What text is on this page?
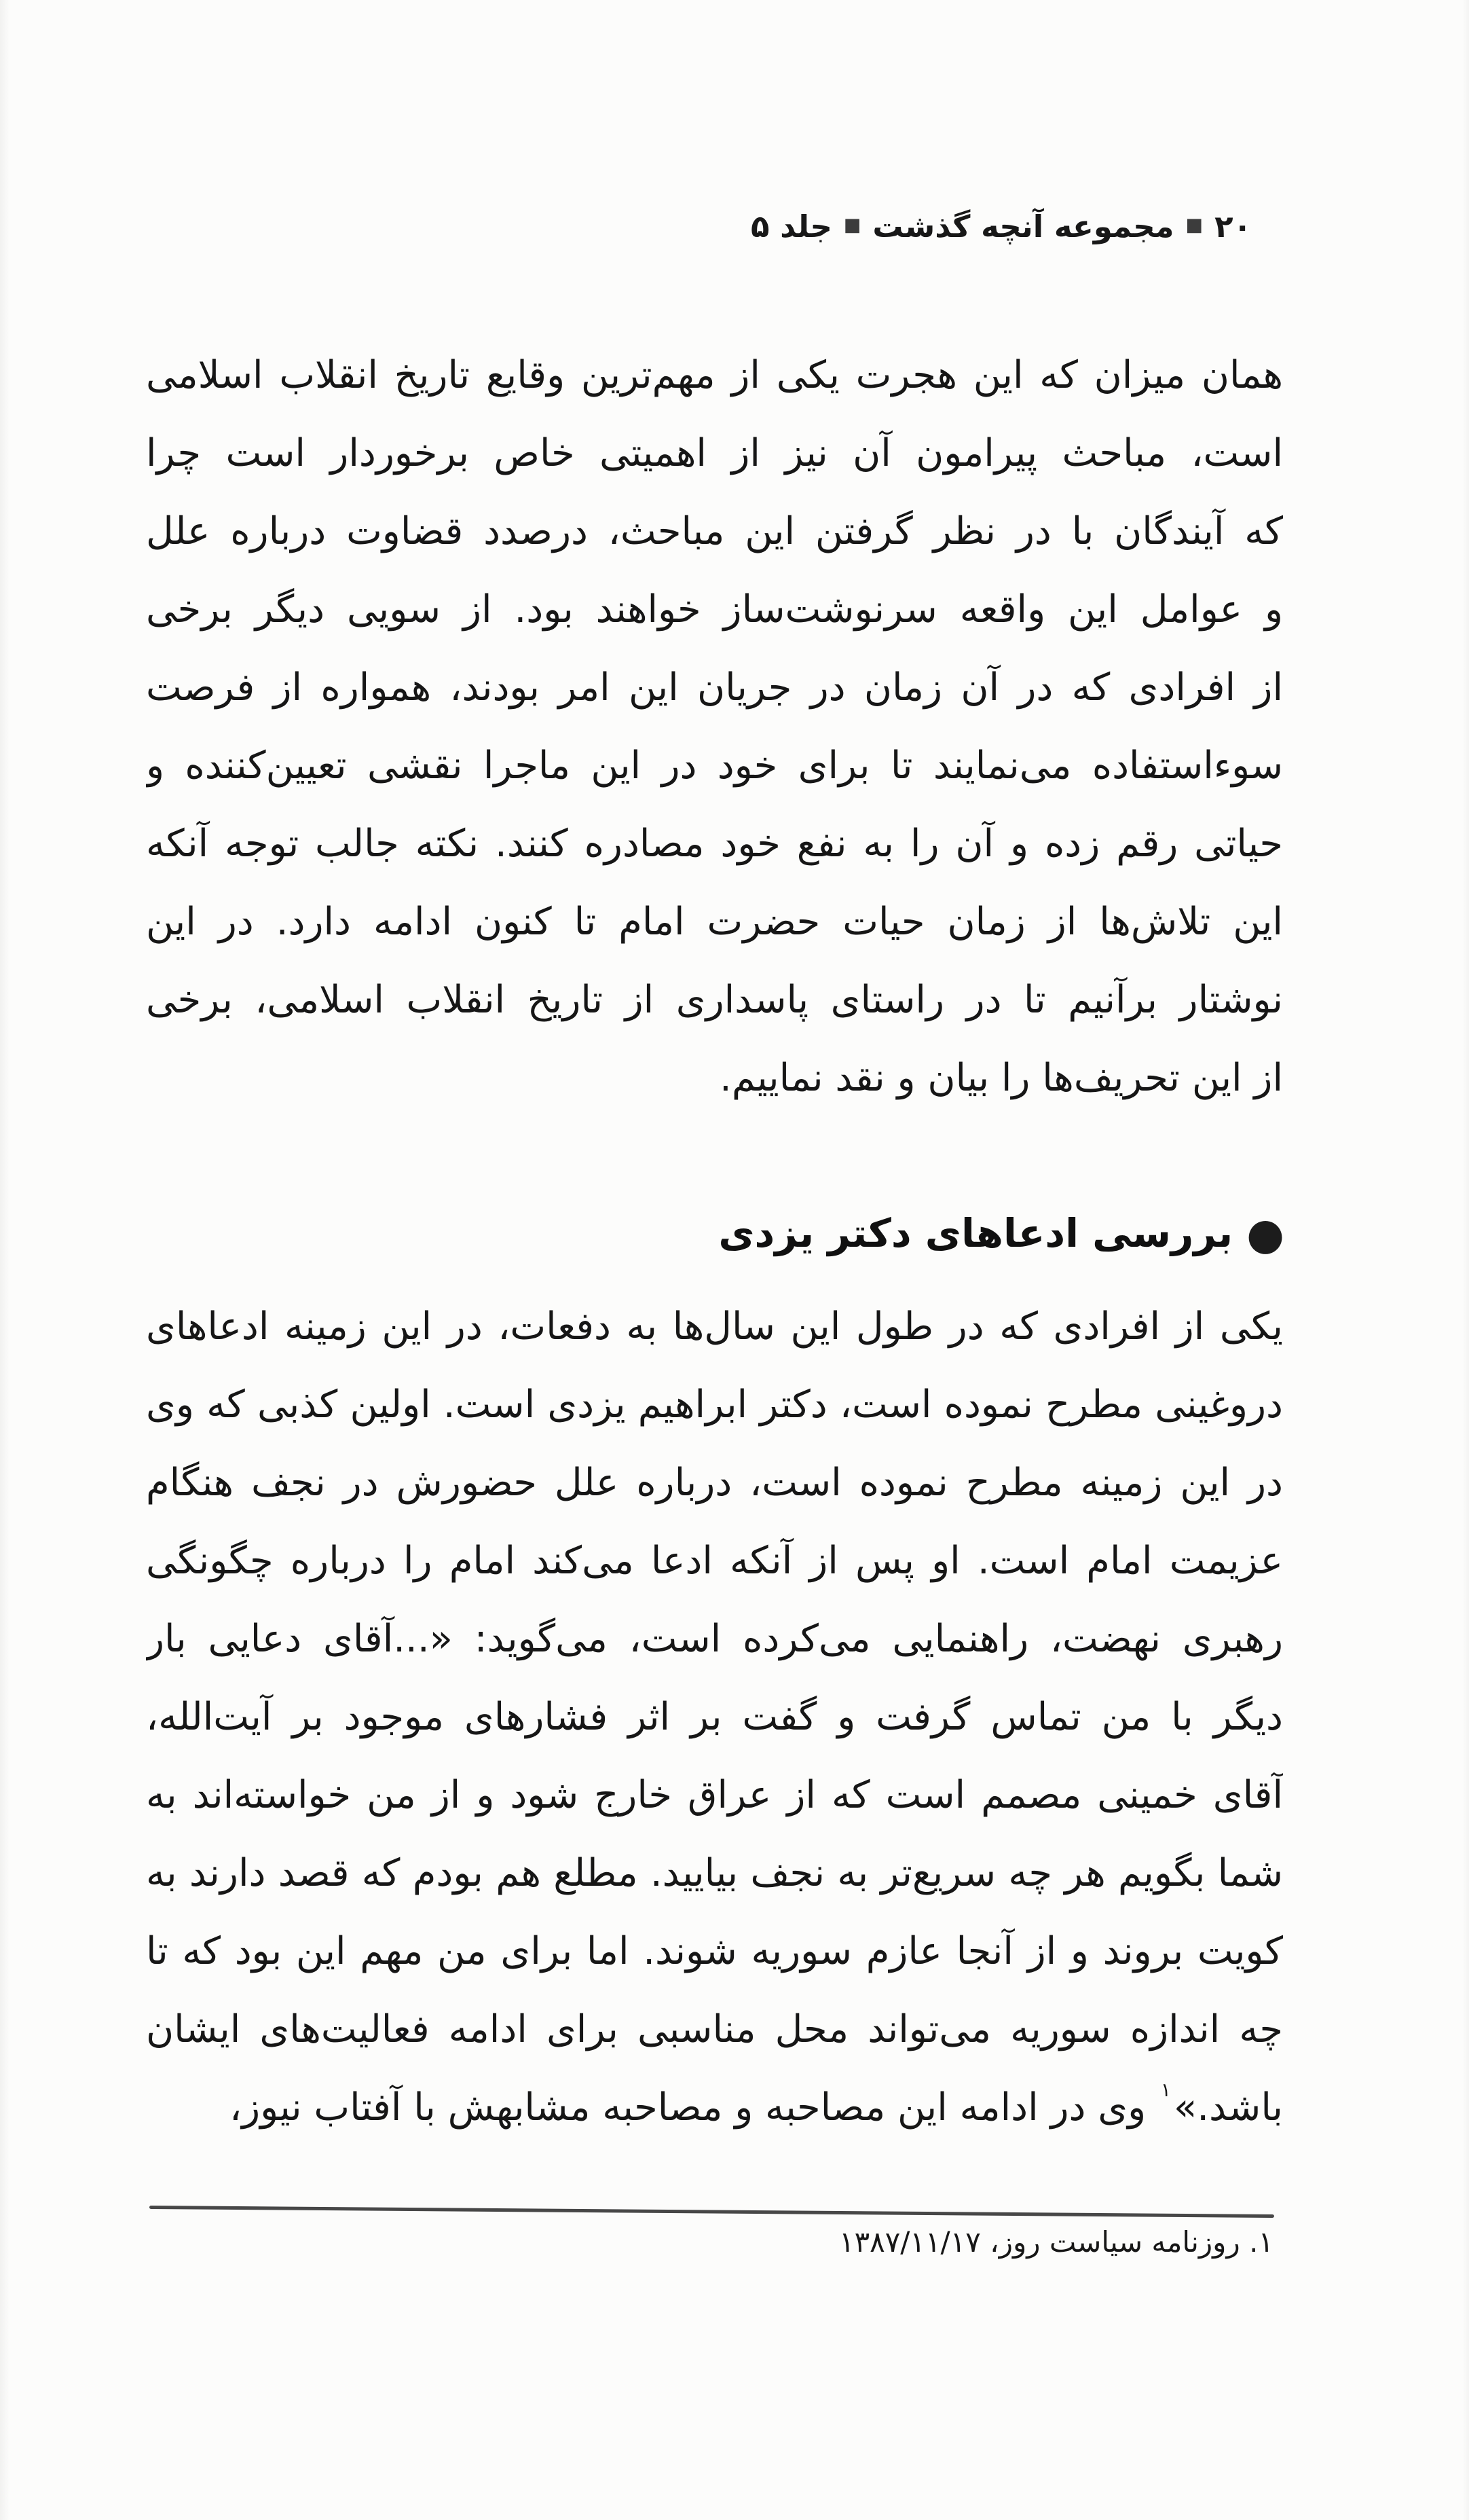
۲۰■مجموعه آنچه گذشت■جلد ۵
همان میزان که این هجرت یکی از مهم‌ترین وقایع تاریخ انقلاب اسلامی
است، مباحث پیرامون آن نیز از اهمیتی خاص برخوردار است چرا
که آیندگان با در نظر گرفتن این مباحث، درصدد قضاوت درباره علل
و عوامل این واقعه سرنوشت‌ساز خواهند بود. از سویی دیگر برخی
از افرادی که در آن زمان در جریان این امر بودند، همواره از فرصت
سوءاستفاده می‌نمایند تا برای خود در این ماجرا نقشی تعیین‌کننده و
حیاتی رقم زده و آن را به نفع خود مصادره کنند. نکته جالب توجه آنکه
این تلاش‌ها از زمان حیات حضرت امام تا کنون ادامه دارد. در این
نوشتار برآنیم تا در راستای پاسداری از تاریخ انقلاب اسلامی، برخی
از این تحریف‌ها را بیان و نقد نماییم.
●بررسی ادعاهای دکتر یزدی
یکی از افرادی که در طول این سال‌ها به دفعات، در این زمینه ادعاهای
دروغینی مطرح نموده است، دکتر ابراهیم یزدی است. اولین کذبی که وی
در این زمینه مطرح نموده است، درباره علل حضورش در نجف هنگام
عزیمت امام است. او پس از آنکه ادعا می‌کند امام را درباره چگونگی
رهبری نهضت، راهنمایی می‌کرده است، می‌گوید: «...آقای دعایی بار
دیگر با من تماس گرفت و گفت بر اثر فشارهای موجود بر آیت‌الله،
آقای خمینی مصمم است که از عراق خارج شود و از من خواسته‌اند به
شما بگویم هر چه سریع‌تر به نجف بیایید. مطلع هم بودم که قصد دارند به
کویت بروند و از آنجا عازم سوریه شوند. اما برای من مهم این بود که تا
چه اندازه سوریه می‌تواند محل مناسبی برای ادامه فعالیت‌های ایشان
باشد.»$^۱$ وی در ادامه این مصاحبه و مصاحبه مشابهش با آفتاب نیوز،
۱. روزنامه سیاست روز، ۱۳۸۷/۱۱/۱۷
